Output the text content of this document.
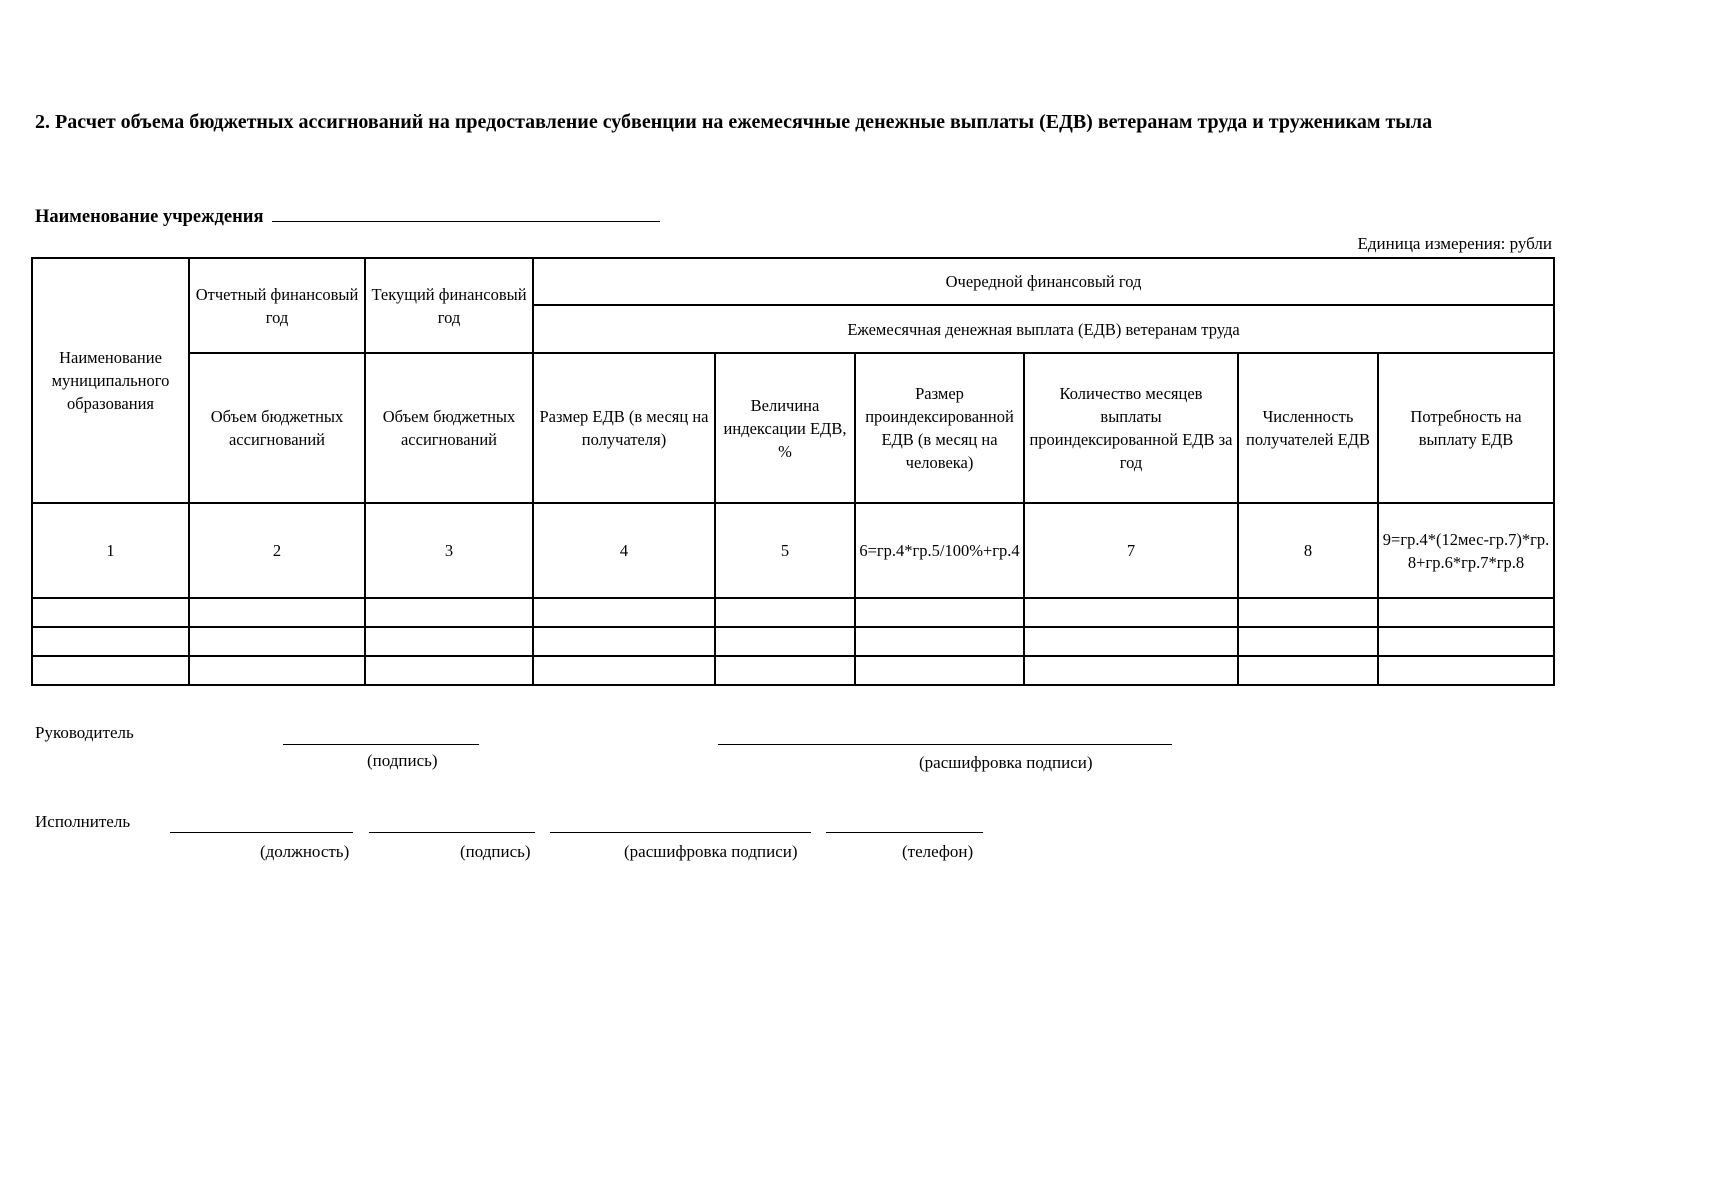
2. Расчет объема бюджетных ассигнований на предоставление субвенции на ежемесячные денежные выплаты (ЕДВ) ветеранам труда и труженикам тыла
Наименование учреждения
Единица измерения: рубли
Наименование муниципального образования	Отчетный финансовый год	Текущий финансовый год	Очередной финансовый год					
			Ежемесячная денежная выплата (ЕДВ) ветеранам труда					
	Объем бюджетных ассигнований	Объем бюджетных ассигнований	Размер ЕДВ (в месяц на получателя)	Величина индексации ЕДВ, %	Размер проиндексированной ЕДВ (в месяц на человека)	Количество месяцев выплаты проиндексированной ЕДВ за год	Численность получателей ЕДВ	Потребность на выплату ЕДВ
1	2	3	4	5	6=гр.4*гр.5/100%+гр.4	7	8	9=гр.4*(12мес-гр.7)*гр.8+гр.6*гр.7*гр.8

Руководитель
(подпись)	(расшифровка подписи)
Исполнитель
(должность)	(подпись)	(расшифровка подписи)	(телефон)
